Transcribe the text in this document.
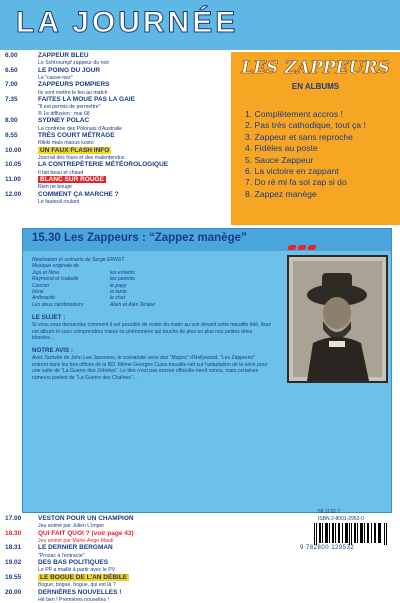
LA JOURNÉE
6.00	ZAPPEUR BLEU
Le Schtroumpf zappeur du noir
6.50	LE POING DU JOUR
Le "casse-nez"
7.00	ZAPPEURS POMPIERS
Ils vont mettre le feu au match
7.35	FAITES LA MOUE PAS LA GAIE
"Il est permis de permettre"
® 1e diffusion : mai 68
8.00	SYDNEY POLAC
La confrérie des Polonais d'Australie
9.55	TRÈS COURT MÉTRAGE
Rikiki mais maous kosto
10.00	UN FAUX FLASH INFO
Journal des fours et des malentendus
10.05	LA CONTREPÈTERIE MÉTÉOROLOGIQUE
Il fait beau et chaud
11.00	BLANC SUR ROUGE
Rien ne bouge
12.00	COMMENT ÇA MARCHE ?
Le fauteuil roulant
LES ZAPPEURS
EN ALBUMS
1. Complètement accros !
2. Pas très cathodique, tout ça !
3. Zappeur et sans reproche
4. Fidèles au poste
5. Sauce Zappeur
6. La victoire en zappant
7. Do ré mi fa sol zap si do
8. Zappez manège
15.30 Les Zappeurs : “Zappez manège”
Réalisation et scénario de Serge ERNST.
Musique originale de
Juju et Nina	les enfants
Raymond et Isabelle	les parents
Casimir	le papy
Irène	la tante
Anthracite	le chat
Les deux cambrioleurs	Alain et Alex Terieur
LE SUJET :
Si vous vous demandez comment il est possible de rester du matin au soir devant cette maudite télé, lisez cet album et vous comprendrez mieux ce phénomène qui touche de plus en plus nos petites têtes blondes...
NOTRE AVIS :
Avec l'arrivée de John Lee Janssens, le scénariste venu des "Majors" d'Hollywood, "Les Zappeurs" entrent dans les box offices de la BD. Même Georges Cuisa travaille-rait sur l'adaptation de la série pour une suite de "La Guerre des Zébrées". Le titre n'est pas encore officielle-ment connu, mais certaines rumeurs parlent de "La Guerre des Chaînes"...
17.00	VESTON POUR UN CHAMPION
Jeu animé par Julien L'imper
18.30	QUI FAIT QUOI ? (voir page 43)
Jeu animé par Marie-Ange Mardi
18.31	LE DERNIER BERGMAN
"Prozac à l'entracte"
19.02	DES BAS POLITIQUES
Le PP a maillé à partir avec le PV
19.55	LE BOGUE DE L'AN DÉBILE
Bogue, bogue, bogue, qui est là ?
20.00	DERNIÈRES NOUVELLES !
Hé ben ! Premières nouvelles !
68 1132 7
ISBN 2-8001-2953-0
9 782800 129532
